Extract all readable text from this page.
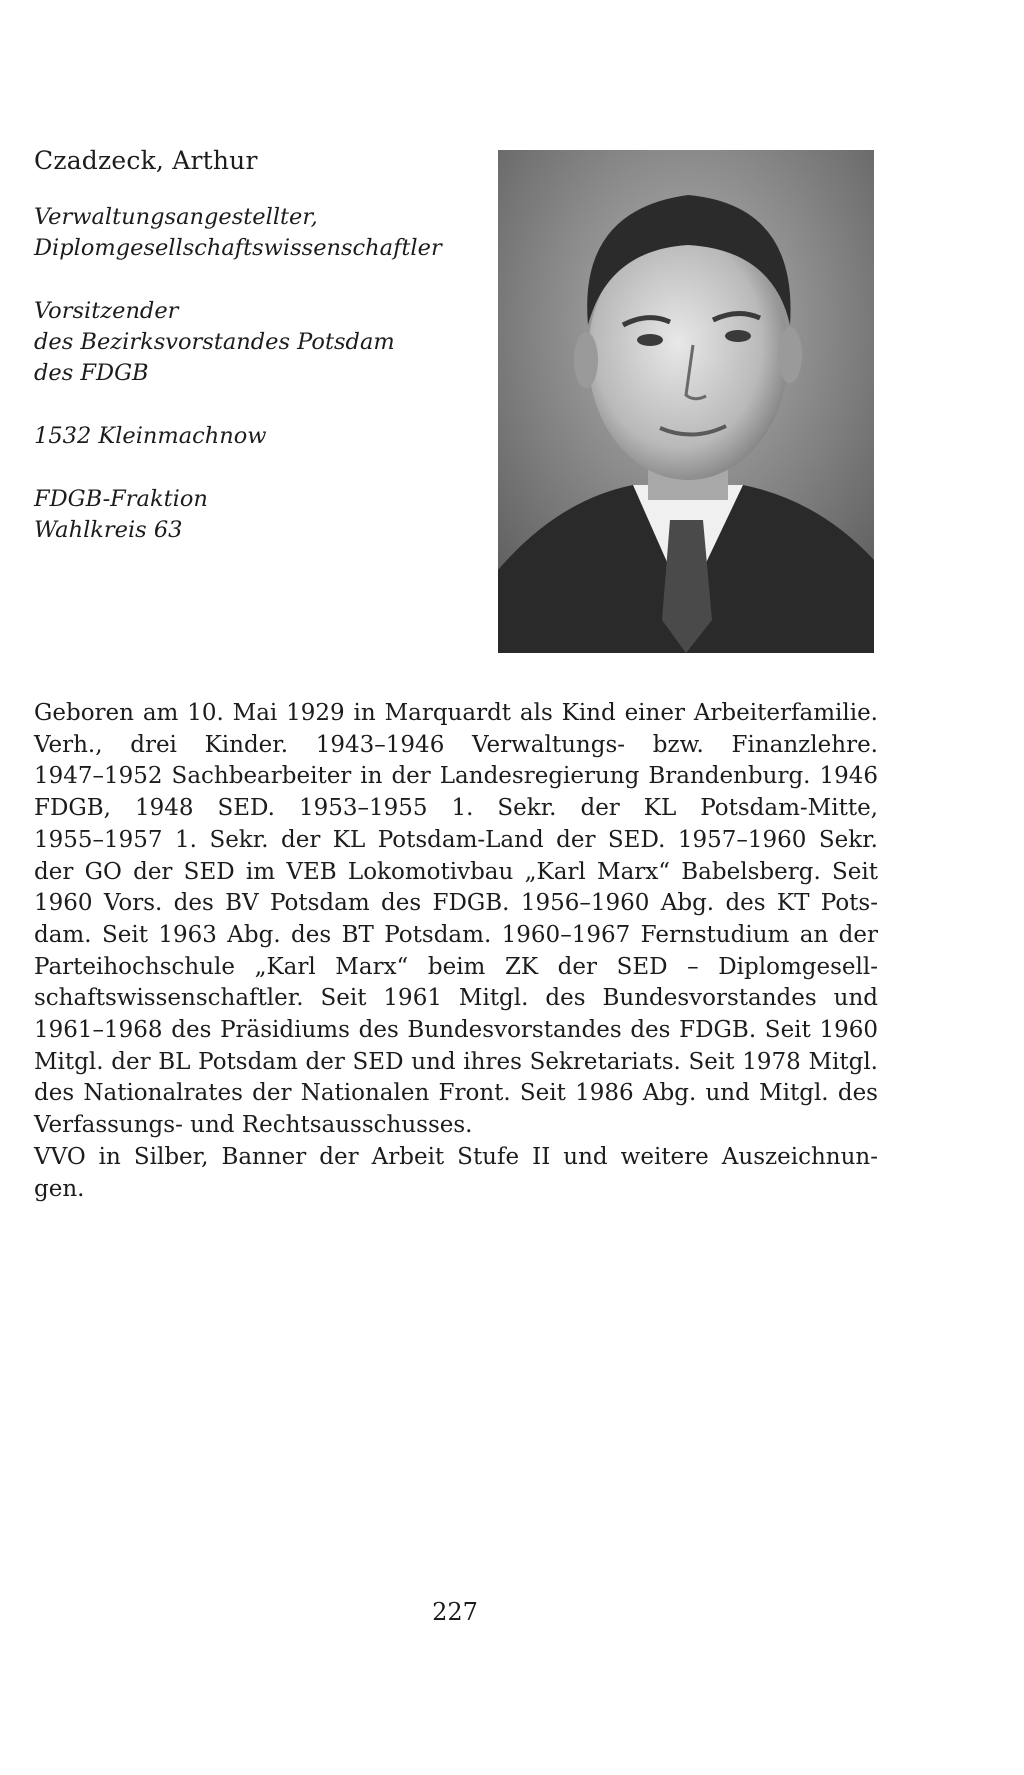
Czadzeck, Arthur

Verwaltungsangestellter,
Diplomgesellschaftswissenschaftler

Vorsitzender
des Bezirksvorstandes Potsdam
des FDGB

1532 Kleinmachnow

FDGB-Fraktion
Wahlkreis 63

Geboren am 10. Mai 1929 in Marquardt als Kind einer Arbeiterfamilie.
Verh., drei Kinder. 1943–1946 Verwaltungs- bzw. Finanzlehre.
1947–1952 Sachbearbeiter in der Landesregierung Brandenburg. 1946
FDGB, 1948 SED. 1953–1955 1. Sekr. der KL Potsdam-Mitte,
1955–1957 1. Sekr. der KL Potsdam-Land der SED. 1957–1960 Sekr.
der GO der SED im VEB Lokomotivbau „Karl Marx“ Babelsberg. Seit
1960 Vors. des BV Potsdam des FDGB. 1956–1960 Abg. des KT Pots-
dam. Seit 1963 Abg. des BT Potsdam. 1960–1967 Fernstudium an der
Parteihochschule „Karl Marx“ beim ZK der SED – Diplomgesell-
schaftswissenschaftler. Seit 1961 Mitgl. des Bundesvorstandes und
1961–1968 des Präsidiums des Bundesvorstandes des FDGB. Seit 1960
Mitgl. der BL Potsdam der SED und ihres Sekretariats. Seit 1978 Mitgl.
des Nationalrates der Nationalen Front. Seit 1986 Abg. und Mitgl. des
Verfassungs- und Rechtsausschusses.

VVO in Silber, Banner der Arbeit Stufe II und weitere Auszeichnun-
gen.

227
